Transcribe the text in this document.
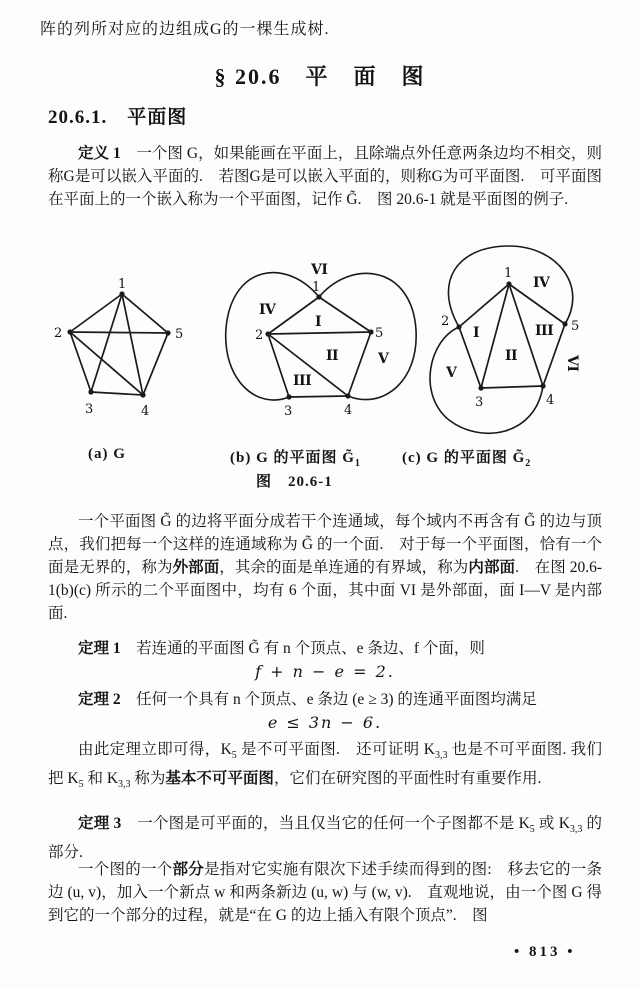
阵的列所对应的边组成G的一棵生成树.

§ 20.6　平　面　图
20.6.1.　平面图

定义 1　一个图 G，如果能画在平面上，且除端点外任意两条边均不相交，则称G是可以嵌入平面的.　若图G是可以嵌入平面的，则称G为可平面图.　可平面图在平面上的一个嵌入称为一个平面图，记作 G̃.　图 20.6-1 就是平面图的例子.

1
2
3	4
5
1
2
3	4
5
I
II
III
IV
V
VI	1
2
3	4
5
I
II
III
IV
V
VI
(a) G	(b) G 的平面图 $G̃_1$	(c) G 的平面图 $G̃_2$
图　20.6-1

一个平面图 G̃ 的边将平面分成若干个连通域，每个域内不再含有 G̃ 的边与顶点，我们把每一个这样的连通域称为 G̃ 的一个面.　对于每一个平面图，恰有一个面是无界的，称为外部面，其余的面是单连通的有界域，称为内部面.　在图 20.6-1(b)(c) 所示的二个平面图中，均有 6 个面，其中面 VI 是外部面，面 I—V 是内部面.

定理 1　若连通的平面图 G̃ 有 n 个顶点、e 条边、f 个面，则

f + n − e = 2.

定理 2　任何一个具有 n 个顶点、e 条边 (e ≥ 3) 的连通平面图均满足

e ≤ 3n − 6.

由此定理立即可得，$K_5$ 是不可平面图.　还可证明 $K_{3,3}$ 也是不可平面图. 我们把 $K_5$ 和 $K_{3,3}$ 称为基本不可平面图，它们在研究图的平面性时有重要作用.

定理 3　一个图是可平面的，当且仅当它的任何一个子图都不是 $K_5$ 或 $K_{3,3}$ 的部分.

一个图的一个部分是指对它实施有限次下述手续而得到的图:　移去它的一条边 (u, v)，加入一个新点 w 和两条新边 (u, w) 与 (w, v).　直观地说，由一个图 G 得到它的一个部分的过程，就是“在 G 的边上插入有限个顶点”.　图

• 813 •
